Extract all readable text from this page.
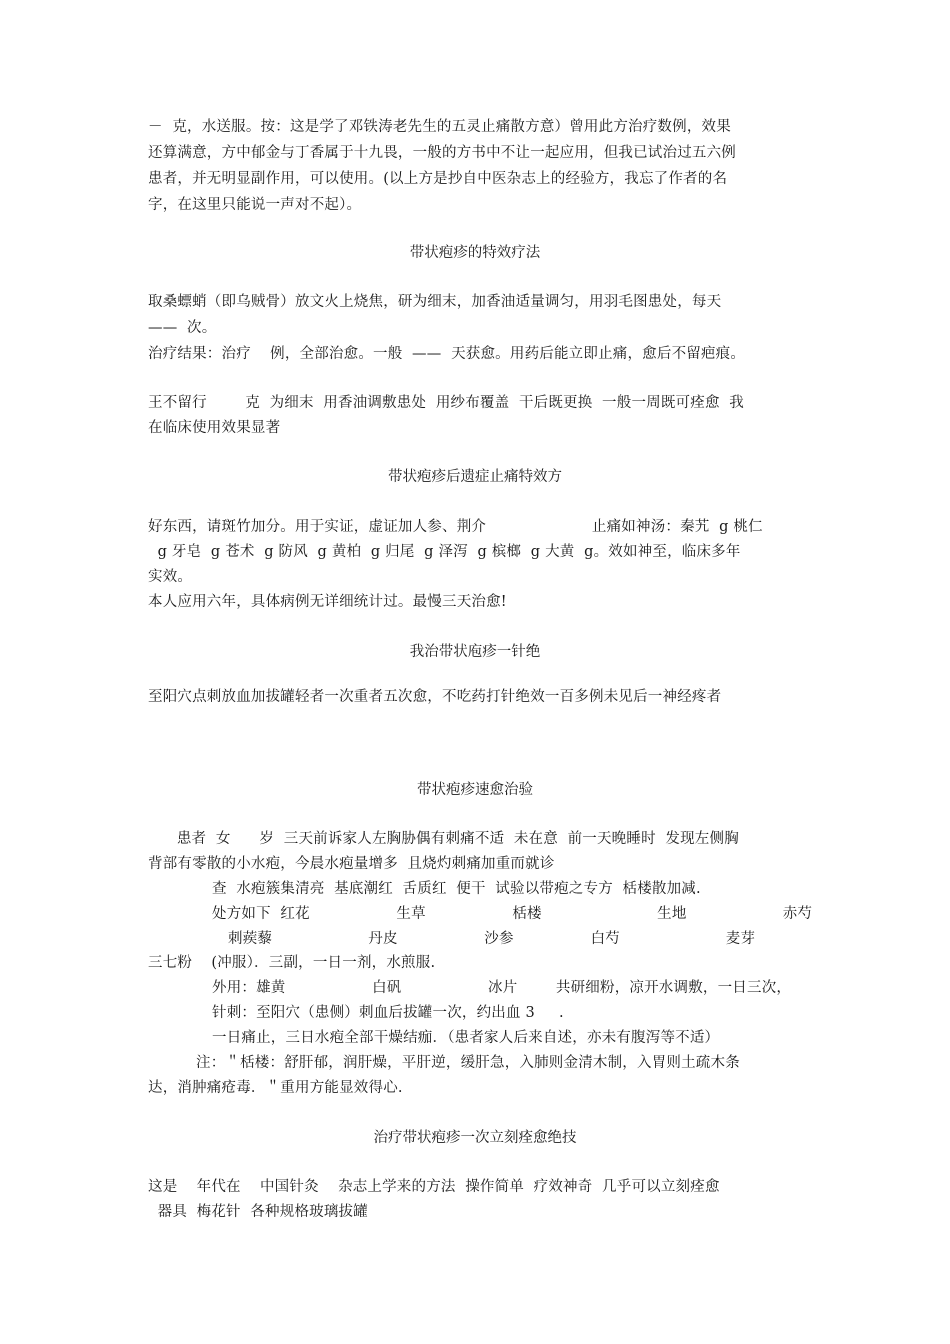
－  克，水送服。按：这是学了邓铁涛老先生的五灵止痛散方意）曾用此方治疗数例，效果
还算满意，方中郁金与丁香属于十九畏，一般的方书中不让一起应用，但我已试治过五六例
患者，并无明显副作用，可以使用。(以上方是抄自中医杂志上的经验方，我忘了作者的名
字，在这里只能说一声对不起）。
带状疱疹的特效疗法
取桑螵蛸（即乌贼骨）放文火上烧焦，研为细末，加香油适量调匀，用羽毛图患处，每天
——  次。
治疗结果：治疗    例，全部治愈。一般  ——  天获愈。用药后能立即止痛，愈后不留疤痕。
王不留行        克  为细末  用香油调敷患处  用纱布覆盖  干后既更换  一般一周既可痊愈  我
在临床使用效果显著
带状疱疹后遗症止痛特效方
好东西，请斑竹加分。用于实证，虚证加人参、荆介                      止痛如神汤：秦艽  g 桃仁
g 牙皂  g 苍术  g 防风  g 黄柏  g 归尾  g 泽泻  g 槟榔  g 大黄  g。效如神至，临床多年
实效。
本人应用六年，具体病例无详细统计过。最慢三天治愈!
我治带状庖疹一针绝
至阳穴点刺放血加拔罐轻者一次重者五次愈，不吃药打针绝效一百多例未见后一神经疼者
带状疱疹速愈治验
患者  女      岁  三天前诉家人左胸胁偶有刺痛不适  未在意  前一天晚睡时  发现左侧胸
背部有零散的小水疱，今晨水疱量增多  且烧灼刺痛加重而就诊
查  水疱簇集清亮  基底潮红  舌质红  便干  试验以带疱之专方  栝楼散加减.
处方如下  红花                  生草                  栝楼                        生地                    赤芍
刺蒺藜                    丹皮                  沙参                白芍                      麦芽
三七粉    (冲服）．三副，一日一剂，水煎服.
外用：雄黄                  白矾                  冰片        共研细粉，凉开水调敷，一日三次，
针刺：至阳穴（患侧）刺血后拔罐一次，约出血 3     .
一日痛止，三日水疱全部干燥结痂．（患者家人后来自述，亦未有腹泻等不适）
注：＂栝楼：舒肝郁，润肝燥，平肝逆，缓肝急，入肺则金清木制，入胃则土疏木条
达，消肿痛疮毒．＂重用方能显效得心.
治疗带状疱疹一次立刻痊愈绝技
这是    年代在    中国针灸    杂志上学来的方法  操作简单  疗效神奇  几乎可以立刻痊愈
器具  梅花针  各种规格玻璃拔罐
